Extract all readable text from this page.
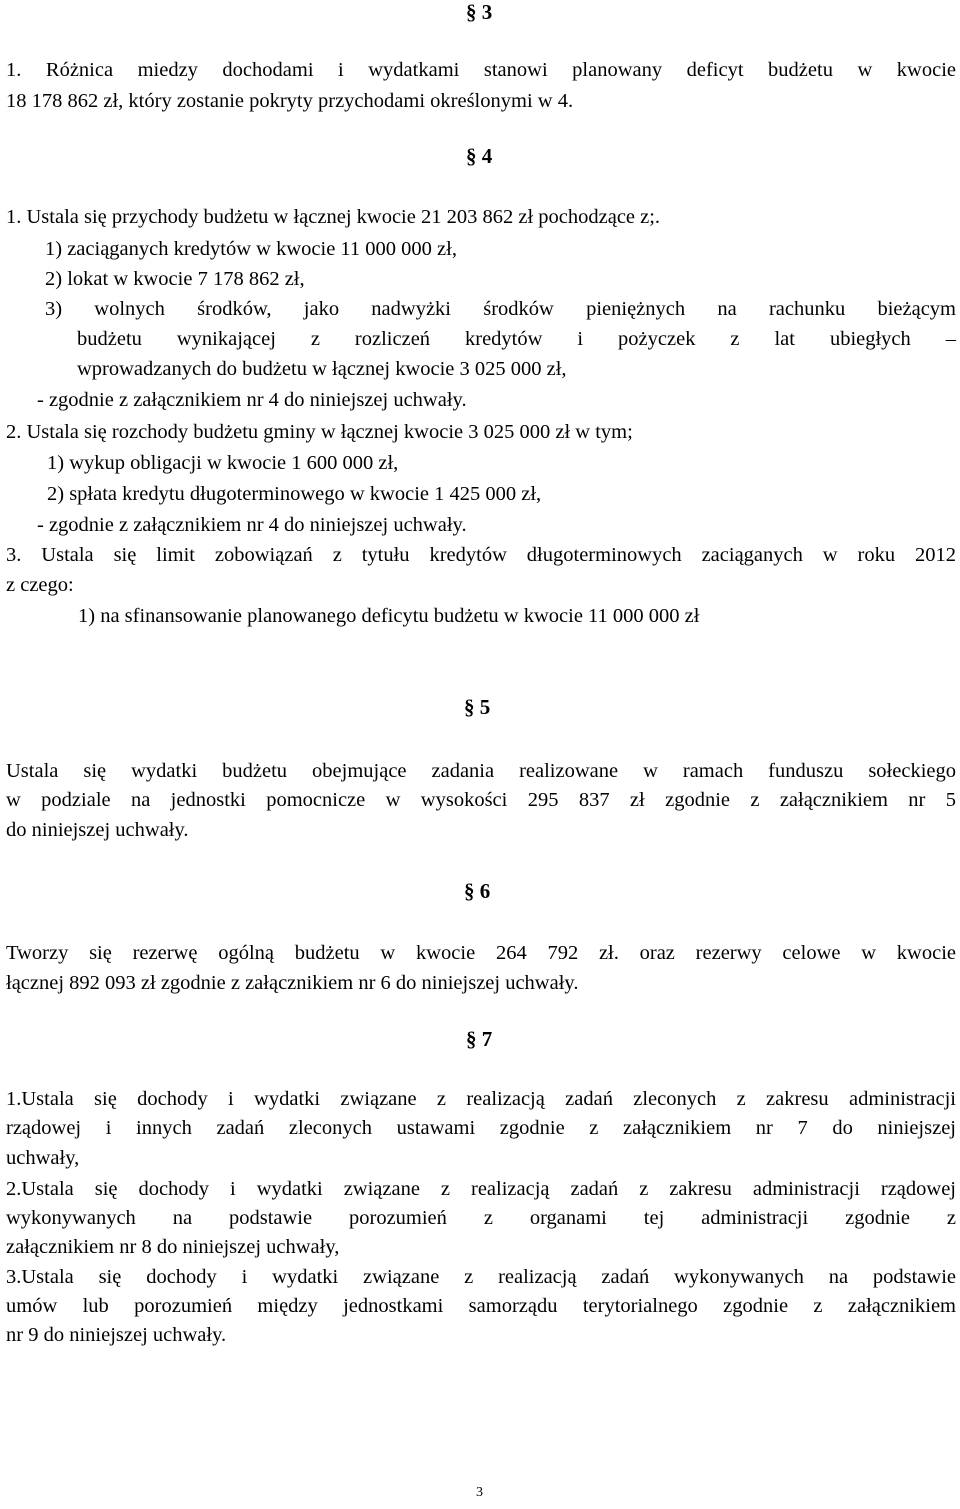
§ 3
1. Różnica miedzy dochodami i wydatkami stanowi planowany deficyt budżetu w kwocie
18 178 862 zł, który zostanie pokryty przychodami określonymi w 4.
§ 4
1. Ustala się przychody budżetu w łącznej kwocie 21 203 862 zł pochodzące z;.
1) zaciąganych kredytów w kwocie 11 000 000 zł,
2) lokat w kwocie 7 178 862 zł,
3) wolnych środków, jako nadwyżki środków pieniężnych na rachunku bieżącym
budżetu wynikającej z rozliczeń kredytów i pożyczek z lat ubiegłych –
wprowadzanych do budżetu w łącznej kwocie 3 025 000 zł,
- zgodnie z załącznikiem nr 4 do niniejszej uchwały.
2. Ustala się rozchody budżetu gminy w łącznej kwocie 3 025 000 zł w tym;
1) wykup obligacji w kwocie 1 600 000 zł,
2) spłata kredytu długoterminowego w kwocie 1 425 000 zł,
- zgodnie z załącznikiem nr 4 do niniejszej uchwały.
3. Ustala się limit zobowiązań z tytułu kredytów długoterminowych zaciąganych w roku 2012
z czego:
1) na sfinansowanie planowanego deficytu budżetu w kwocie 11 000 000 zł
§ 5
Ustala się wydatki budżetu obejmujące zadania realizowane w ramach funduszu sołeckiego
w podziale na jednostki pomocnicze w wysokości 295 837 zł zgodnie z załącznikiem nr 5
do niniejszej uchwały.
§ 6
Tworzy się rezerwę ogólną budżetu w kwocie 264 792 zł. oraz rezerwy celowe w kwocie
łącznej 892 093 zł zgodnie z załącznikiem nr 6 do niniejszej uchwały.
§ 7
1.Ustala się dochody i wydatki związane z realizacją zadań zleconych z zakresu administracji
rządowej i innych zadań zleconych ustawami zgodnie z załącznikiem nr 7 do niniejszej
uchwały,
2.Ustala się dochody i wydatki związane z realizacją zadań z zakresu administracji rządowej
wykonywanych na podstawie porozumień z organami tej administracji zgodnie z
załącznikiem nr 8 do niniejszej uchwały,
3.Ustala się dochody i wydatki związane z realizacją zadań wykonywanych na podstawie
umów lub porozumień między jednostkami samorządu terytorialnego zgodnie z załącznikiem
nr 9 do niniejszej uchwały.
3
